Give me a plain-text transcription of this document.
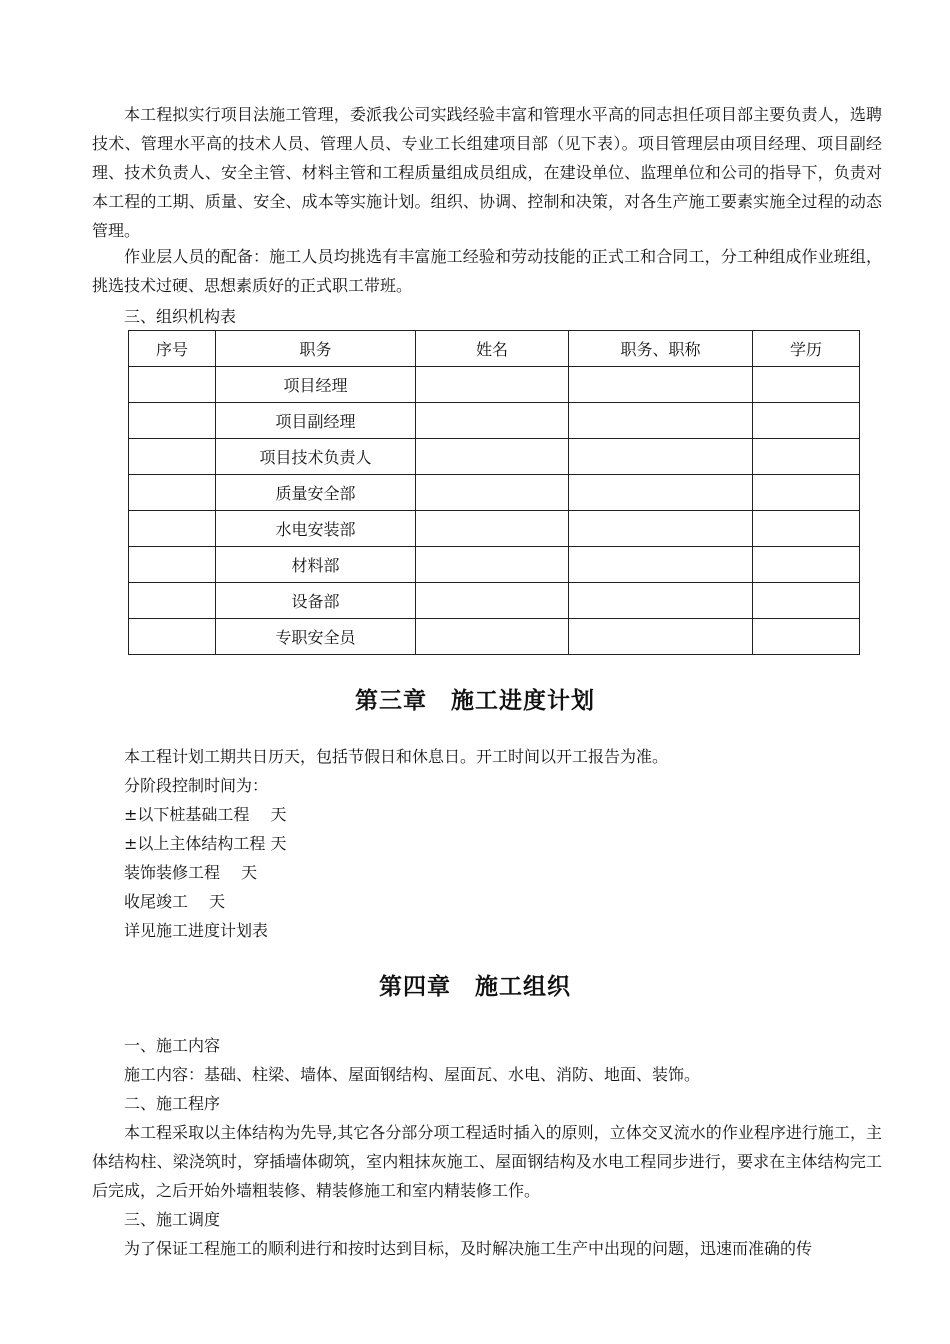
本工程拟实行项目法施工管理，委派我公司实践经验丰富和管理水平高的同志担任项目部主要负责人，选聘技术、管理水平高的技术人员、管理人员、专业工长组建项目部（见下表）。项目管理层由项目经理、项目副经理、技术负责人、安全主管、材料主管和工程质量组成员组成，在建设单位、监理单位和公司的指导下，负责对本工程的工期、质量、安全、成本等实施计划。组织、协调、控制和决策，对各生产施工要素实施全过程的动态管理。

作业层人员的配备：施工人员均挑选有丰富施工经验和劳动技能的正式工和合同工，分工种组成作业班组，挑选技术过硬、思想素质好的正式职工带班。

三、组织机构表

序号	职务	姓名	职务、职称	学历
	项目经理			
	项目副经理			
	项目技术负责人			
	质量安全部			
	水电安装部			
	材料部			
	设备部			
	专职安全员			
第三章　施工进度计划

本工程计划工期共日历天，包括节假日和休息日。开工时间以开工报告为准。

分阶段控制时间为：

±以下桩基础工程　 天

±以上主体结构工程 天

装饰装修工程　 天

收尾竣工　 天

详见施工进度计划表

第四章　施工组织

一、施工内容

施工内容：基础、柱梁、墙体、屋面钢结构、屋面瓦、水电、消防、地面、装饰。

二、施工程序

本工程采取以主体结构为先导,其它各分部分项工程适时插入的原则，立体交叉流水的作业程序进行施工，主体结构柱、梁浇筑时，穿插墙体砌筑，室内粗抹灰施工、屋面钢结构及水电工程同步进行，要求在主体结构完工后完成，之后开始外墙粗装修、精装修施工和室内精装修工作。

三、施工调度

为了保证工程施工的顺利进行和按时达到目标，及时解决施工生产中出现的问题，迅速而准确的传
